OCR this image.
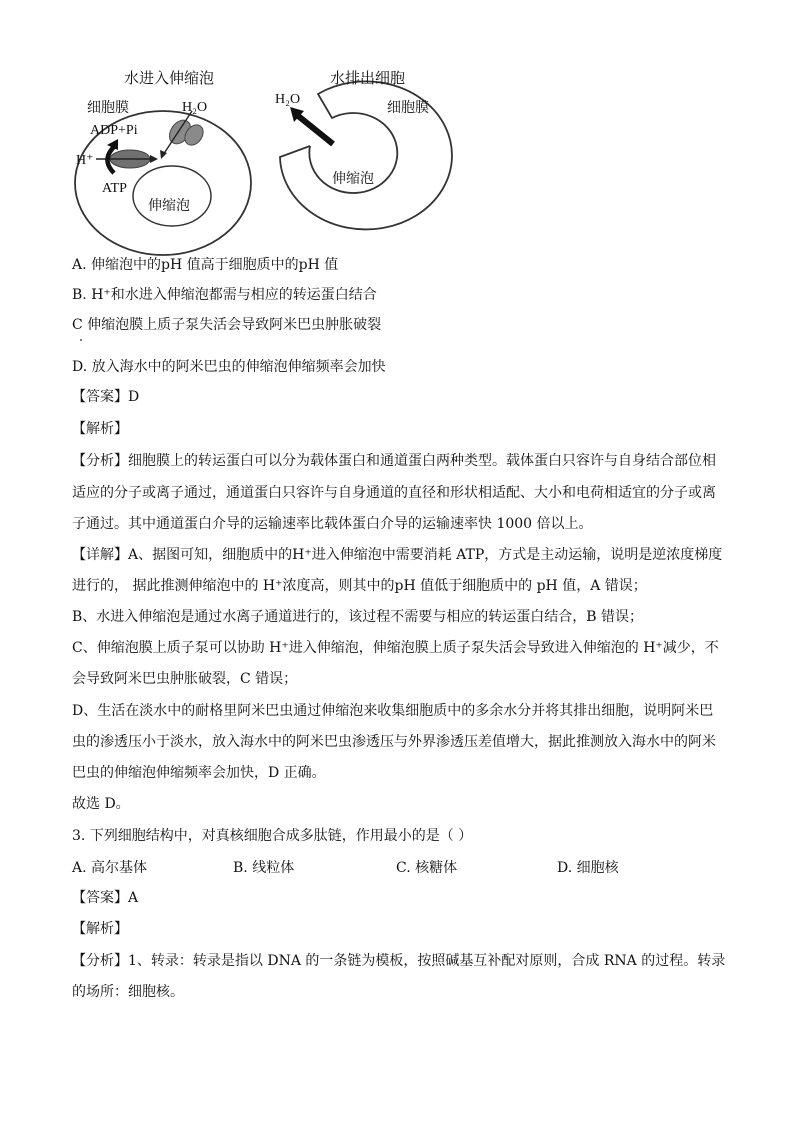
水进入伸缩泡	水排出细胞
细胞膜	细胞膜
H₂O
H₂O
ADP+Pi
H⁺
ATP
伸缩泡
伸缩泡
A. 伸缩泡中的pH 值高于细胞质中的pH 值
B. H⁺和水进入伸缩泡都需与相应的转运蛋白结合
C 伸缩泡膜上质子泵失活会导致阿米巴虫肿胀破裂
D. 放入海水中的阿米巴虫的伸缩泡伸缩频率会加快
【答案】D
【解析】
【分析】细胞膜上的转运蛋白可以分为载体蛋白和通道蛋白两种类型。载体蛋白只容许与自身结合部位相
适应的分子或离子通过，通道蛋白只容许与自身通道的直径和形状相适配、大小和电荷相适宜的分子或离
子通过。其中通道蛋白介导的运输速率比载体蛋白介导的运输速率快 1000 倍以上。
【详解】A、据图可知，细胞质中的H⁺进入伸缩泡中需要消耗 ATP，方式是主动运输，说明是逆浓度梯度
进行的， 据此推测伸缩泡中的 H⁺浓度高，则其中的pH 值低于细胞质中的 pH 值，A 错误；
B、水进入伸缩泡是通过水离子通道进行的，该过程不需要与相应的转运蛋白结合，B 错误；
C、伸缩泡膜上质子泵可以协助 H⁺进入伸缩泡，伸缩泡膜上质子泵失活会导致进入伸缩泡的 H⁺减少，不
会导致阿米巴虫肿胀破裂，C 错误；
D、生活在淡水中的耐格里阿米巴虫通过伸缩泡来收集细胞质中的多余水分并将其排出细胞，说明阿米巴
虫的渗透压小于淡水，放入海水中的阿米巴虫渗透压与外界渗透压差值增大，据此推测放入海水中的阿米
巴虫的伸缩泡伸缩频率会加快，D 正确。
故选 D。
3. 下列细胞结构中，对真核细胞合成多肽链，作用最小的是（ ）
A. 高尔基体	B. 线粒体	C. 核糖体	D. 细胞核
【答案】A
【解析】
【分析】1、转录：转录是指以 DNA 的一条链为模板，按照碱基互补配对原则，合成 RNA 的过程。转录
的场所：细胞核。
